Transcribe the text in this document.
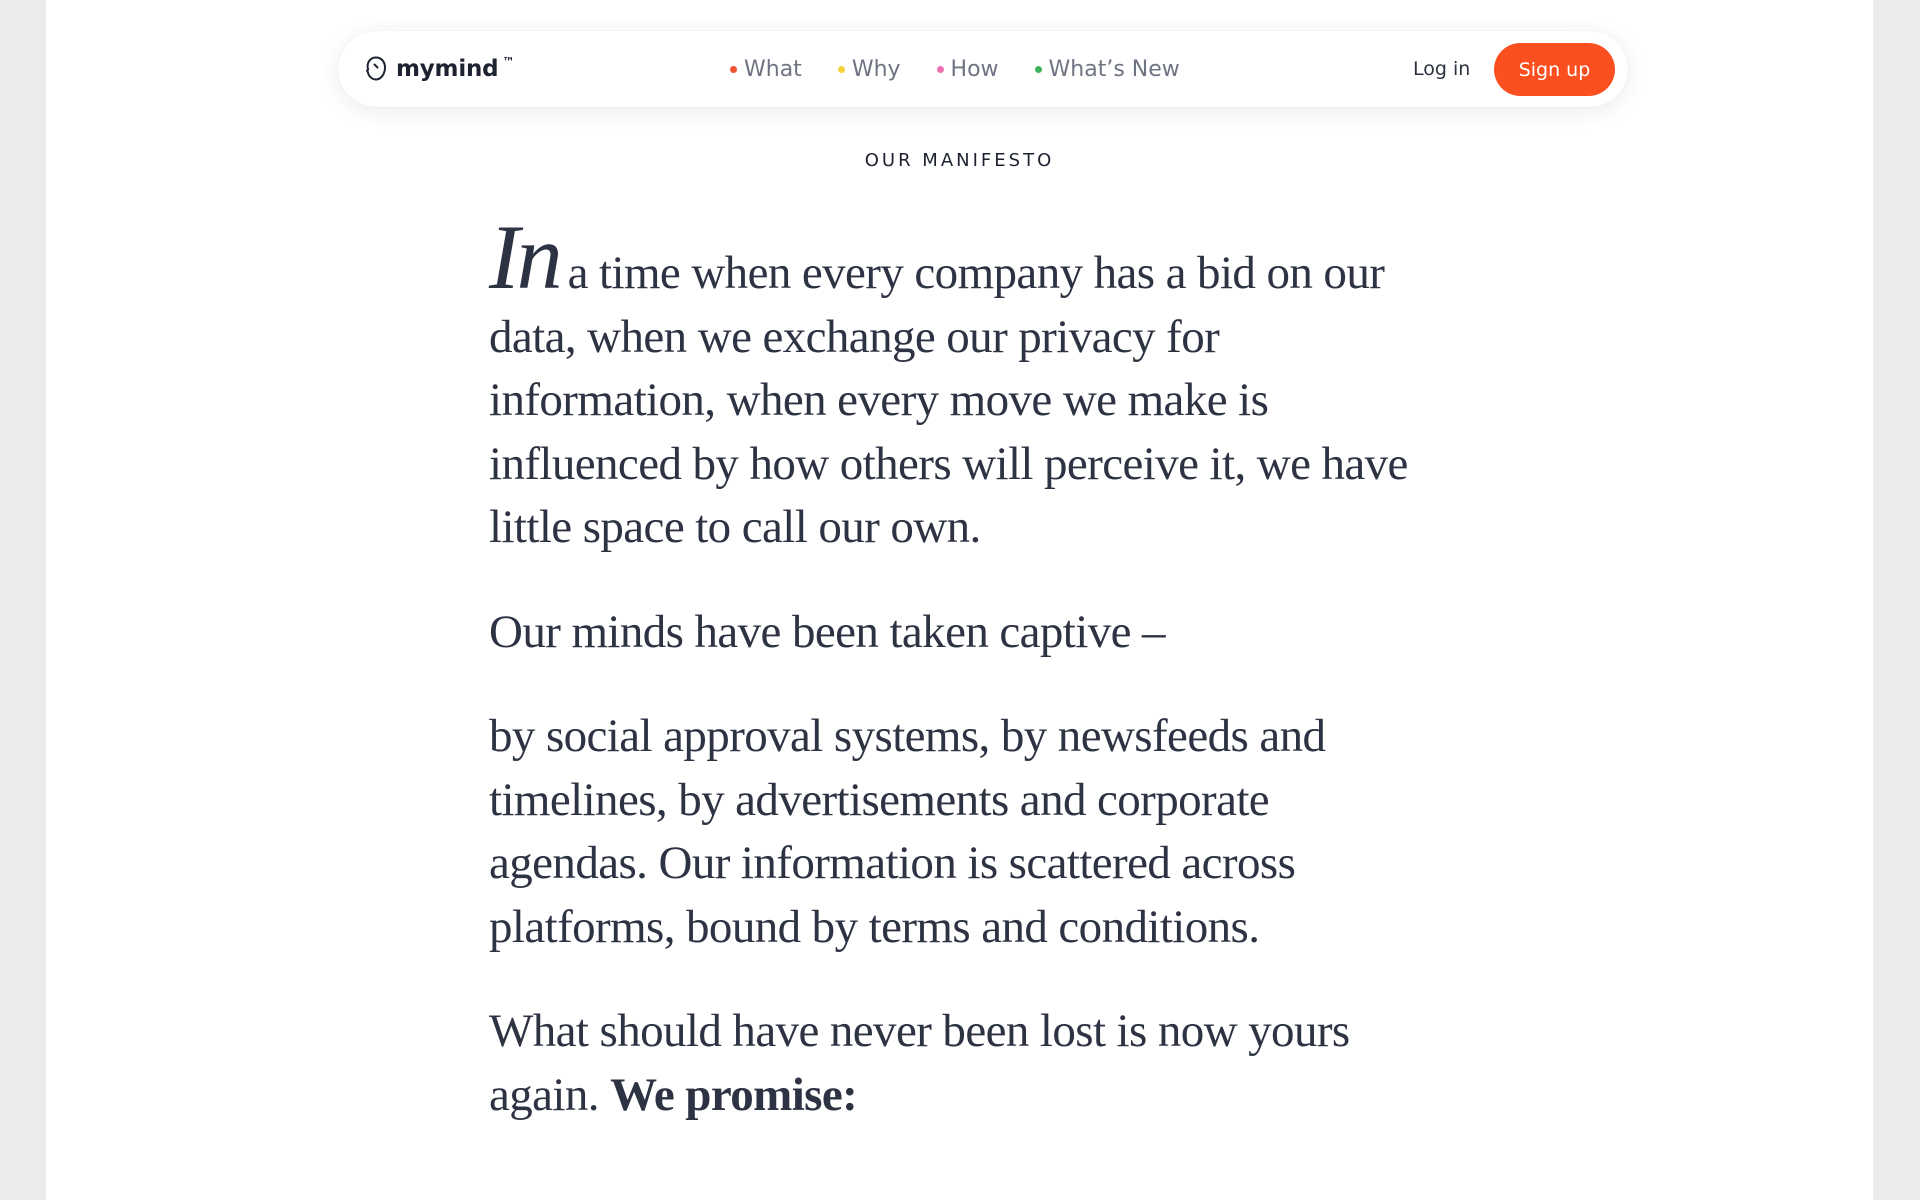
mymind ™	What Why How What’s New	Log in	Sign up
OUR MANIFESTO

In a time when every company has a bid on our data, when we exchange our privacy for information, when every move we make is influenced by how others will perceive it, we have little space to call our own.

Our minds have been taken captive –

by social approval systems, by newsfeeds and timelines, by advertisements and corporate agendas. Our information is scattered across platforms, bound by terms and conditions.

What should have never been lost is now yours again. We promise:
